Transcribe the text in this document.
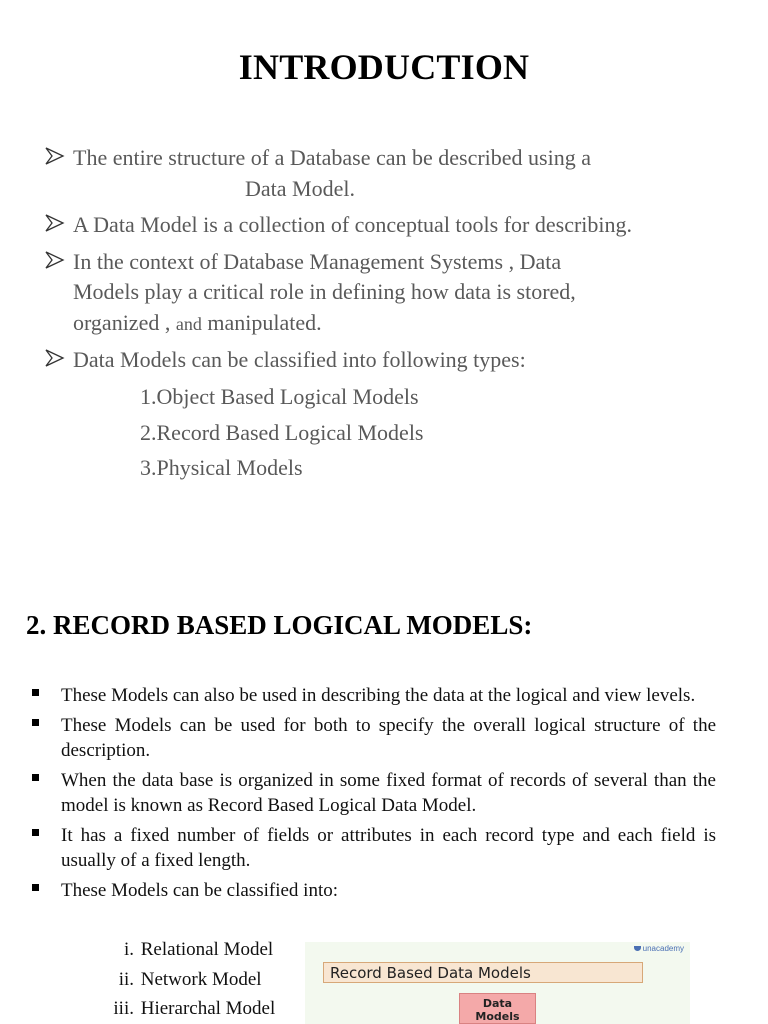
INTRODUCTION
The entire structure of a Database can be described using a

Data Model.
A Data Model is a collection of conceptual tools for describing.
In the context of Database Management Systems , Data
Models play a critical role in defining how data is stored,
organized , and manipulated.
Data Models can be classified into following types:
1.Object Based Logical Models
2.Record Based Logical Models
3.Physical Models
2. RECORD BASED LOGICAL MODELS:
These Models can also be used in describing the data at the logical and view levels.
These Models can be used for both to specify the overall logical structure of the description.
When the data base is organized in some fixed format of records of several than the model is known as Record Based Logical Data Model.
It has a fixed number of fields or attributes in each record type and each field is usually of a fixed length.
These Models can be classified into:
i. Relational Model
ii. Network Model
iii. Hierarchal Model
unacademy
Record Based Data Models
Data Models
